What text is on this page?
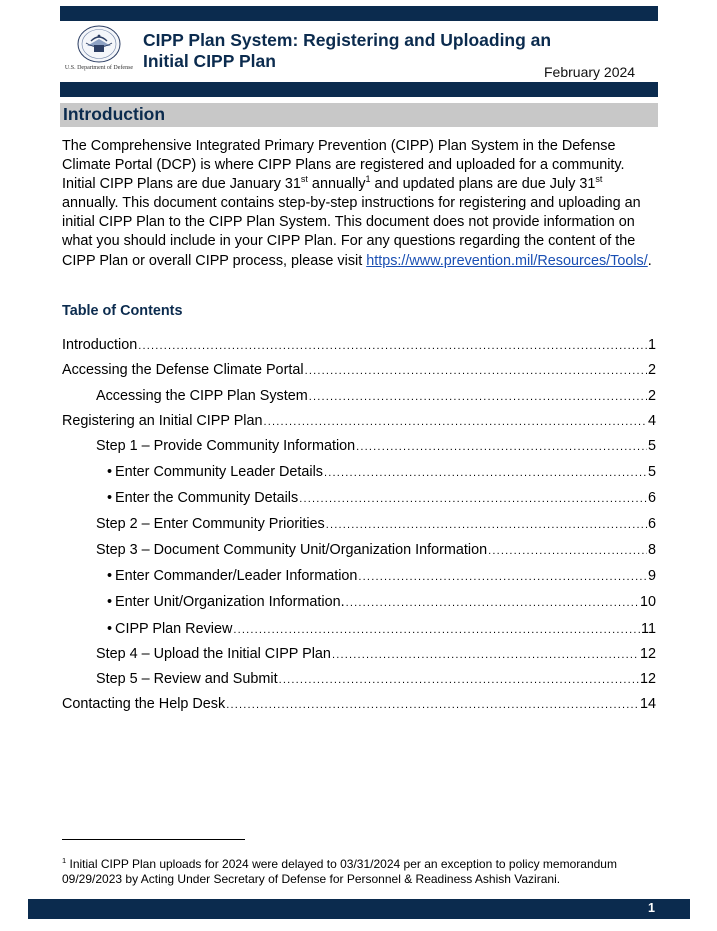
U.S. Department of Defense
CIPP Plan System: Registering and Uploading an
Initial CIPP Plan
February 2024
Introduction

The Comprehensive Integrated Primary Prevention (CIPP) Plan System in the Defense Climate Portal (DCP) is where CIPP Plans are registered and uploaded for a community. Initial CIPP Plans are due January 31st annually$^1$ and updated plans are due July 31st annually. This document contains step-by-step instructions for registering and uploading an initial CIPP Plan to the CIPP Plan System. This document does not provide information on what you should include in your CIPP Plan. For any questions regarding the content of the CIPP Plan or overall CIPP process, please visit https://www.prevention.mil/Resources/Tools/.

Table of Contents
Introduction .....	1
Accessing the Defense Climate Portal .....	2
Accessing the CIPP Plan System .....	2
Registering an Initial CIPP Plan .....	4
Step 1 – Provide Community Information .....	5
• Enter Community Leader Details .....	5
• Enter the Community Details .....	6
Step 2 – Enter Community Priorities .....	6
Step 3 – Document Community Unit/Organization Information .....	8
• Enter Commander/Leader Information .....	9
• Enter Unit/Organization Information. .....	10
• CIPP Plan Review .....	11
Step 4 – Upload the Initial CIPP Plan .....	12
Step 5 – Review and Submit .....	12
Contacting the Help Desk .....	14
$^1$ Initial CIPP Plan uploads for 2024 were delayed to 03/31/2024 per an exception to policy memorandum 09/29/2023 by Acting Under Secretary of Defense for Personnel & Readiness Ashish Vazirani.
1
